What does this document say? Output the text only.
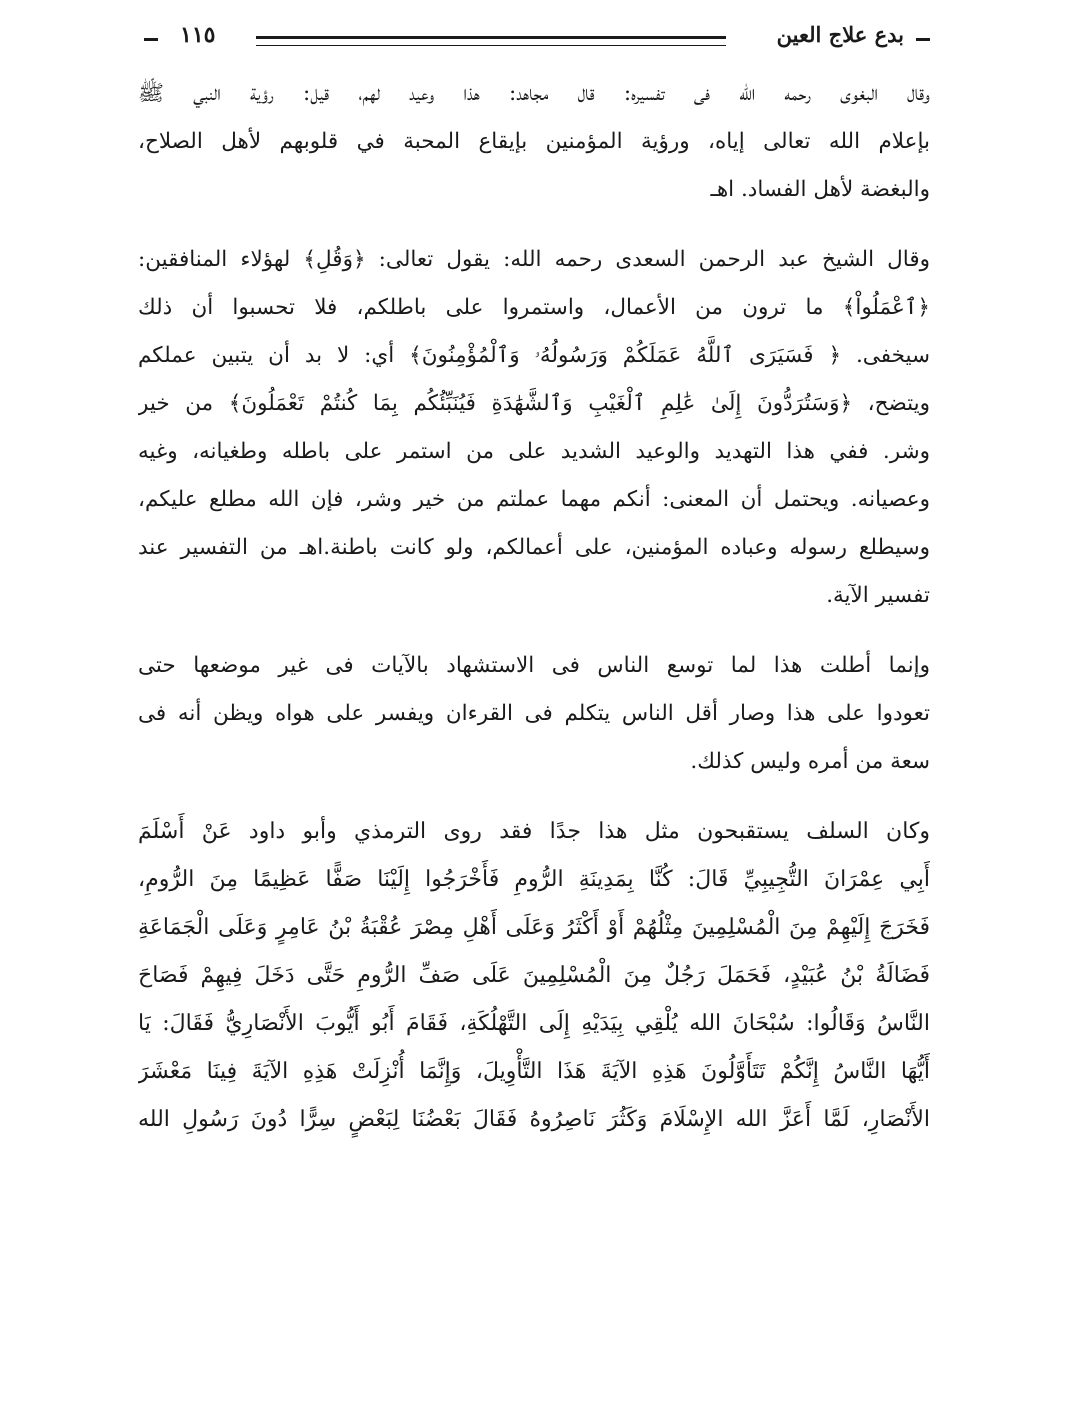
بدع علاج العين
١١٥
وقال البغوى رحمه الله فى تفسيره: قال مجاهد: هذا وعيد لهم، قيل: رؤية النبي ﷺ
بإعلام الله تعالى إياه، ورؤية المؤمنين بإيقاع المحبة في قلوبهم لأهل الصلاح،
والبغضة لأهل الفساد. اهـ
وقال الشيخ عبد الرحمن السعدى رحمه الله: يقول تعالى: ﴿وَقُلِ﴾ لهؤلاء المنافقين:
﴿ٱعْمَلُواْ﴾ ما ترون من الأعمال، واستمروا على باطلكم، فلا تحسبوا أن ذلك
سيخفى. ﴿ فَسَيَرَى ٱللَّهُ عَمَلَكُمْ وَرَسُولُهُۥ وَٱلْمُؤْمِنُونَ﴾ أي: لا بد أن يتبين عملكم
ويتضح، ﴿وَسَتُرَدُّونَ إِلَىٰ عَٰلِمِ ٱلْغَيْبِ وَٱلشَّهَٰدَةِ فَيُنَبِّئُكُم بِمَا كُنتُمْ تَعْمَلُونَ﴾ من خير
وشر. ففي هذا التهديد والوعيد الشديد على من استمر على باطله وطغيانه، وغيه
وعصيانه. ويحتمل أن المعنى: أنكم مهما عملتم من خير وشر، فإن الله مطلع عليكم،
وسيطلع رسوله وعباده المؤمنين، على أعمالكم، ولو كانت باطنة.اهـ من التفسير عند
تفسير الآية.
وإنما أطلت هذا لما توسع الناس فى الاستشهاد بالآيات فى غير موضعها حتى
تعودوا على هذا وصار أقل الناس يتكلم فى القرءان ويفسر على هواه ويظن أنه فى
سعة من أمره وليس كذلك.
وكان السلف يستقبحون مثل هذا جدًا فقد روى الترمذي وأبو داود عَنْ أَسْلَمَ
أَبِي عِمْرَانَ التُّجِيبِيِّ قَالَ: كُنَّا بِمَدِينَةِ الرُّومِ فَأَخْرَجُوا إِلَيْنَا صَفًّا عَظِيمًا مِنَ الرُّومِ،
فَخَرَجَ إِلَيْهِمْ مِنَ الْمُسْلِمِينَ مِثْلُهُمْ أَوْ أَكْثَرُ وَعَلَى أَهْلِ مِصْرَ عُقْبَةُ بْنُ عَامِرٍ وَعَلَى الْجَمَاعَةِ
فَضَالَةُ بْنُ عُبَيْدٍ، فَحَمَلَ رَجُلٌ مِنَ الْمُسْلِمِينَ عَلَى صَفِّ الرُّومِ حَتَّى دَخَلَ فِيهِمْ فَصَاحَ
النَّاسُ وَقَالُوا: سُبْحَانَ الله يُلْقِي بِيَدَيْهِ إِلَى التَّهْلُكَةِ، فَقَامَ أَبُو أَيُّوبَ الأَنْصَارِيُّ فَقَالَ: يَا
أَيُّهَا النَّاسُ إِنَّكُمْ تَتَأَوَّلُونَ هَذِهِ الآيَةَ هَذَا التَّأْوِيلَ، وَإِنَّمَا أُنْزِلَتْ هَذِهِ الآيَةَ فِينَا مَعْشَرَ
الأَنْصَارِ، لَمَّا أَعَزَّ الله الإِسْلَامَ وَكَثُرَ نَاصِرُوهُ فَقَالَ بَعْضُنَا لِبَعْضٍ سِرًّا دُونَ رَسُولِ الله
